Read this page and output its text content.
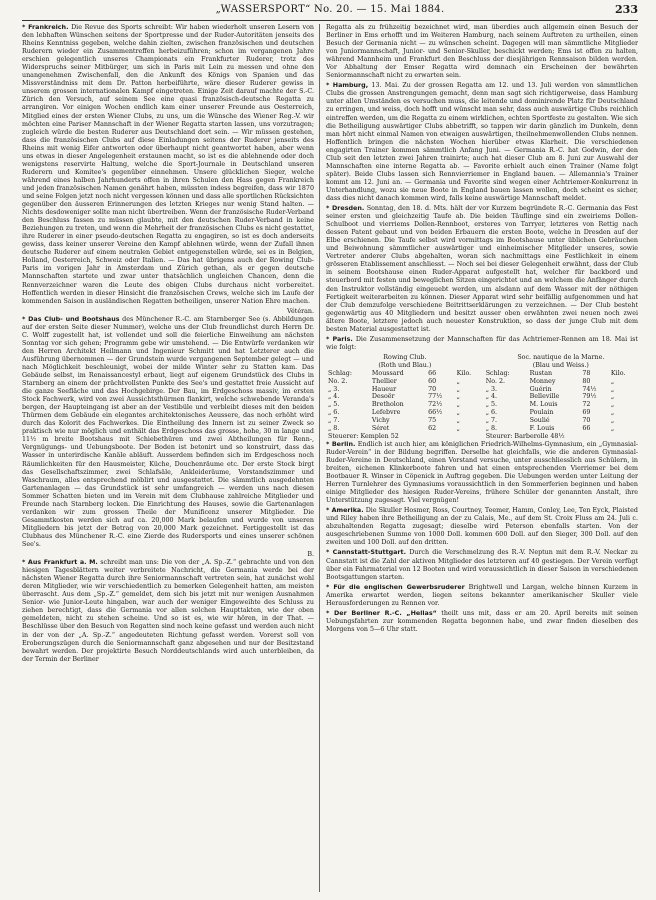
„WASSERSPORT“ No. 20. — 15. Mai 1884.	233

* Frankreich. Die Revue des Sports schreibt: Wir haben wiederholt unseren Lesern von den lebhaften Wünschen seitens der Sportpresse und der Ruder-Autoritäten jenseits des Rheins Kenntniss gegeben, welche dahin zielten, zwischen französischen und deutschen Ruderern wieder ein Zusammentreffen herbeizuführen; schon im vergangenen Jahre erschien gelegentlich unseres Championats ein Frankfurter Ruderer, trotz des Widerspruchs seiner Mitbürger, um sich in Paris mit Lein zu messen und ohne den unangenehmen Zwischenfall, den die Ankunft des Königs von Spanien und das Missverständniss mit dem Dr. Patton herbeiführte, wäre dieser Ruderer gewiss in unserem grossen internationalen Kampf eingetreten. Einige Zeit darauf machte der S.-C. Zürich den Versuch, auf seinem See eine quasi französisch-deutsche Regatta zu arrangiren. Vor einigen Wochen endlich kam einer unserer Freunde aus Oesterreich, Mitglied eines der ersten Wiener Clubs, zu uns, um die Wünsche des Wiener Reg.-V. wir möchten eine Pariser Mannschaft in der Wiener Regatta starten lassen, uns vorzutragen; zugleich würde die besten Ruderer aus Deutschland dort sein. — Wir müssen gestehen, dass die französischen Clubs auf diese Einladungen seitens der Ruderer jenseits des Rheins mit wenig Eifer antworten oder überhaupt nicht geantwortet haben, aber wenn uns etwas in dieser Angelegenheit erstaunen macht, so ist es die ablehnende oder doch wenigstens reservirte Haltung, welche die Sport-Journale in Deutschland unseren Ruderern und Komitee's gegenüber einnehmen. Unsere glücklichen Sieger, welche während eines halben Jahrhunderts offen in ihren Schulen den Hass gegen Frankreich und jeden französischen Namen genährt haben, müssten indess begreifen, dass wir 1870 und seine Folgen jetzt noch nicht vergessen können und dass alle sportlichen Rücksichten gegenüber den äusseren Erinnerungen des letzten Krieges nur wenig Stand halten. — Nichts desdoweniger sollte man nicht übertreiben. Wenn der französische Ruder-Verband den Beschluss fassen zu müssen glaubte, mit den deutschen Ruder-Verband in keine Beziehungen zu treten, und wenn die Mehrheit der französischen Clubs es nicht gestattet, ihre Ruderer in einer pseudo-deutschen Regatta zu engagiren, so ist es doch anderseits gewiss, dass keiner unserer Vereine den Kampf ablehnen würde, wenn der Zufall ihnen deutsche Ruderer auf einem neutralen Gebiet entgegenstellen würde, sei es in Belgien, Holland, Oesterreich, Schweiz oder Italien. — Das hat übrigens auch der Rowing Club-Paris im vorigen Jahr in Amsterdam und Zürich gethan, als er gegen deutsche Mannschaften startete und zwar unter thatsächlich ungleichen Chancen, denn die Rennverzeichner waren die Leute des obigen Clubs durchaus nicht vorbereitet. Hoffentlich werden in dieser Hinsicht die französischen Crews, welche sich im Laufe der kommenden Saison in ausländischen Regatten betheiligen, unserer Nation Ehre machen.

Vétéran.

* Das Club- und Bootshaus des Münchener R.-C. am Starnberger See (s. Abbildungen auf der ersten Seite dieser Nummer), welche uns der Club freundlichst durch Herrn Dr. C. Wolff zugestellt hat, ist vollendet und soll die feierliche Einweihung am nächsten Sonntag vor sich gehen; Programm gebe wir umstehend. — Die Entwürfe verdanken wir den Herren Architekt Heilmann und Ingenieur Schmitt und hat Letzterer auch die Ausführung übernommen — der Grundstein wurde vergangenen September gelegt — und nach Möglichkeit beschleunigt, wobei der milde Winter sehr zu Statten kam. Das Gebäude selbst, im Renaissancestyl erbaut, liegt auf eigenem Grundstück des Clubs in Starnberg an einem der prächtvollsten Punkte des See's und gestattet freie Aussicht auf die ganze Seefläche und das Hochgebirge. Der Bau, im Erdgeschoss massiv, im ersten Stock Fachwerk, wird von zwei Aussichtsthürmen flankirt, welche schwebende Veranda's bergen, der Haupteingang ist aber an der Vestibüle und verbleibt dieses mit den beiden Thürmen dem Gebäude ein elegantes architektonisches Aeussere, das noch erhöht wird durch das Kolorit des Fachwerkes. Die Eintheilung des Innern ist zu seiner Zweck so praktisch wie nur möglich und enthält das Erdgeschoss das grosse, hohe, 30 m lange und 11½ m breite Bootshaus mit Schiebethüren und zwei Abtheilungen für Renn-, Vergnügungs- und Uebungsboote. Der Boden ist betonirt und so konstruirt, dass das Wasser in unterirdische Kanäle abläuft. Ausserdem befinden sich im Erdgeschoss noch Räumlichkeiten für den Hausmeister, Küche, Douchenräume etc. Der erste Stock birgt das Gesellschaftszimmer, zwei Schlafsäle, Ankleideräume, Vorstandszimmer und Waschraum, alles entsprechend möblirt und ausgestattet. Die sämmtlich ausgedehnten Gartenanlagen — das Grundstück ist sehr umfangreich — werden uns nach diesen Sommer Schatten bieten und im Verein mit dem Clubhause zahlreiche Mitglieder und Freunde nach Starnberg locken. Die Einrichtung des Hauses, sowie die Gartenanlagen verdanken wir zum grossen Theile der Munificenz unserer Mitglieder. Die Gesammtkosten werden sich auf ca. 20,000 Mark belaufen und wurde von unseren Mitgliedern bis jetzt der Betrag von 20,000 Mark gezeichnet. Fertiggestellt ist das Clubhaus des Münchener R.-C. eine Zierde des Rudersports und eines unserer schönen See's.

B.

* Aus Frankfurt a. M. schreibt man uns: Die von der „A. Sp.-Z.“ gebrachte und von den hiesigen Tagesblättern weiter verbreitete Nachricht, die Germania werde bei der nächsten Wiener Regatta durch ihre Seniormannschaft vertreten sein, hat zunächst wohl deren Mitglieder, wie wir verschiedentlich zu bemerken Gelegenheit hatten, am meisten überrascht. Aus dem „Sp.-Z.“ gemeldet, dem sich bis jetzt mit nur wenigen Ausnahmen Senior- wie Junior-Leute hingaben, war auch der weniger Eingeweihte des Schluss zu ziehen berechtigt, dass die Germania vor allen solchen Haupttakten, wie der oben gemeldeten, nicht zu stehen scheine. Und so ist es, wie wir hören, in der That. — Beschlüsse über den Besuch von Regatten sind noch keine gefasst und werden auch nicht in der von der „A. Sp.-Z.“ angedeuteten Richtung gefasst werden. Vorerst soll von Eroberungszügen durch die Seniormannschaft ganz abgesehen und nur der Besitzstand bewahrt werden. Der projektirte Besuch Norddeutschlands wird auch unterbleiben, da der Termin der Berliner

Regatta als zu frühzeitig bezeichnet wird, man überdies auch allgemein einen Besuch der Berliner in Ems erhofft und im Weiteren Hamburg, nach seinem Auftreten zu urtheilen, einen Besuch der Germania nicht — zu wünschen scheint. Dagegen will man sämmtliche Mitglieder von Juniormannschaft, Junior- und Senior-Skuller, beschickt werden; Ems ist offen zu halten, während Mannheim und Frankfurt den Beschluss der diesjährigen Rennsaison bilden werden. Vor Abhaltung der Emser Regatta wird demnach ein Erscheinen der bewährten Seniormannschaft nicht zu erwarten sein.

* Hamburg, 13. Mai. Zu der grossen Regatta am 12. und 13. Juli werden von sämmtlichen Clubs die grossen Anstrengungen gemacht, denn man sagt sich richtigerweise, dass Hamburg unter allen Umständen es versuchen muss, die leitende und dominirende Platz für Deutschland zu erringen, und weiss, doch hofft und wünscht man sehr, dass auch auswärtige Clubs reichlich eintreffen werden, um die Regatta zu einem wirklichen, echten Sportfeste zu gestalten. Wie sich die Betheiligung auswärtiger Clubs abbetrifft, so tappen wir darin gänzlich im Dunkeln, denn man hört nicht einmal Namen von etwaigen auswärtigen, theilnehmenwollenden Clubs nennen. Hoffentlich bringen die nächsten Wochen hierüber etwas Klarheit. Die verschiedenen engagirten Trainer kommen sämmtlich Anfang Juni. — Germania R.-C. hat Godwin, der den Club seit den letzten zwei Jahren trainirte; auch hat dieser Club am 8. Juni zur Auswahl der Mannschaften eine interne Regatta ab. — Favorite erhielt auch einen Trainer (Name folgt später). Beide Clubs lassen sich Rennvierriemer in England bauen. — Allemannia's Trainer kommt am 12. Juni an. — Germania und Favorite sind wegen einer Achtriemer-Konkurrenz in Unterhandlung, wozu sie neue Boote in England bauen lassen wollen, doch scheint es sicher, dass dies nicht danach kommen wird, falls keine auswärtige Mannschaft meldet.

* Dresden. Sonntag, den 18. d. Mts. hält der vor Kurzem begründete R.-C. Germania das Fest seiner ersten und gleichzeitig Taufe ab. Die beiden Täuflinge sind ein zweiriems Dollen-Schulboot und vierriems Dollen-Rennboot, ersteres von Tarryer, letzteres von Rettig nach dessen Patent gebaut und von beiden Erbauern die ersten Boote, welche in Dresden auf der Elbe erschienen. Die Taufe selbst wird vormittags im Bootshause unter üblichen Gebräuchen und Beiwohnung sämmtlicher auswärtiger und einheimischer Mitglieder unseres, sowie Vertreter anderer Clubs abgehalten, woran sich nachmittags eine Festlichkeit in einem grösseren Etablissement anschliesst. — Noch sei bei dieser Gelegenheit erwähnt, dass der Club in seinem Bootshause einen Ruder-Apparat aufgestellt hat, welcher für backbord und steuerbord mit festen und beweglichen Sitzen eingerichtet und an welchem die Anfänger durch den Instruktor vollständig eingeuebt werden, um alsdann auf dem Wasser mit der nöthigen Fertigkeit weiterarbeiten zu können. Dieser Apparat wird sehr beifällig aufgenommen und hat der Club demzufolge verschiedene Beitrittserklärungen zu verzeichnen. — Der Club besteht gegenwärtig aus 40 Mitgliedern und besitzt ausser oben erwähnten zwei neuen noch zwei ältere Boote, letztere jedoch auch neuester Konstruktion, so dass der junge Club mit dem besten Material ausgestattet ist.

* Paris. Die Zusammensetzung der Mannschaften für das Achtriemer-Rennen am 18. Mai ist wie folgt:

Rowing Club.				Soc. nautique de la Marne.			
(Roth und Blau.)				(Blau und Weiss.)			
Schlag:	Moussard	66	Kilo.	Schlag:	Rustan	78	Kilo.
No. 2.	Thellier	60	„	No. 2.	Monney	80	„
„ 3.	Haueur	70	„	„ 3.	Guérin	74½	„
„ 4.	Desoër	77½	„	„ 4.	Belleville	79½	„
„ 5.	Bretholon	72½	„	„ 5.	M. Louis	72	„
„ 6.	Lefebvre	66½	„	„ 6.	Poulain	69	„
„ 7.	Vichy	75	„	„ 7.	Soulié	70	„
„ 8.	Séret	62	„	„ 8.	F. Louis	66	„
Steuerer: Kemplen 52				Steurer: Barberolle 48½			

* Berlin. Endlich ist auch hier, am königlichen Friedrich-Wilhelms-Gymnasium, ein „Gymnasial-Ruder-Verein“ in der Bildung begriffen. Derselbe hat gleichfalls, wie die anderen Gymnasial-Ruder-Vereine in Deutschland, einen Vorstand versuche, unter ausschliesslich aus Schülern, in breiten, eichenen Klinkerboote fahren und hat einen entsprechenden Vierriemer bei dem Bootbauer R. Winser in Cöpenick in Auftrag gegeben. Die Uebungen werden unter Leitung der Herren Turnlehrer des Gymnasiums voraussichtlich in den Sommerferien beginnen und haben einige Mitglieder des hiesigen Ruder-Vereins, frühere Schüler der genannten Anstalt, ihre Unterstützung zugesagt. Viel vergnügen!

* Amerika. Die Skuller Hosmer, Ross, Courtney, Teemer, Hamm, Conley, Lee, Ten Eyck, Plaisted und Riley haben ihre Betheiligung an der zu Calais, Me., auf dem St. Croix Fluss am 24. Juli c. abzuhaltenden Regatta zugesagt; dieselbe wird Peterson ebenfalls starten. Von der ausgeschriebenen Summe von 1000 Doll. kommen 600 Doll. auf den Sieger, 300 Doll. auf den zweiten und 100 Doll. auf den dritten.

* Cannstatt-Stuttgart. Durch die Verschmelzung des R.-V. Neptun mit dem R.-V. Neckar zu Cannstatt ist die Zahl der aktiven Mitglieder des letzteren auf 40 gestiegen. Der Verein verfügt über ein Fahrmaterial von 12 Booten und wird voraussichtlich in dieser Saison in verschiedenen Bootsgattungen starten.

* Für die englischen Gewerbsruderer Brightwell und Largan, welche binnen Kurzem in Amerika erwartet werden, liegen seitens bekannter amerikanischer Skuller viele Herausforderungen zu Rennen vor.

* Der Berliner R.-C. „Hellas“ theilt uns mit, dass er am 20. April bereits mit seinen Uebungsfahrten zur kommenden Regatta begonnen habe, und zwar finden dieselben des Morgens von 5—6 Uhr statt.
